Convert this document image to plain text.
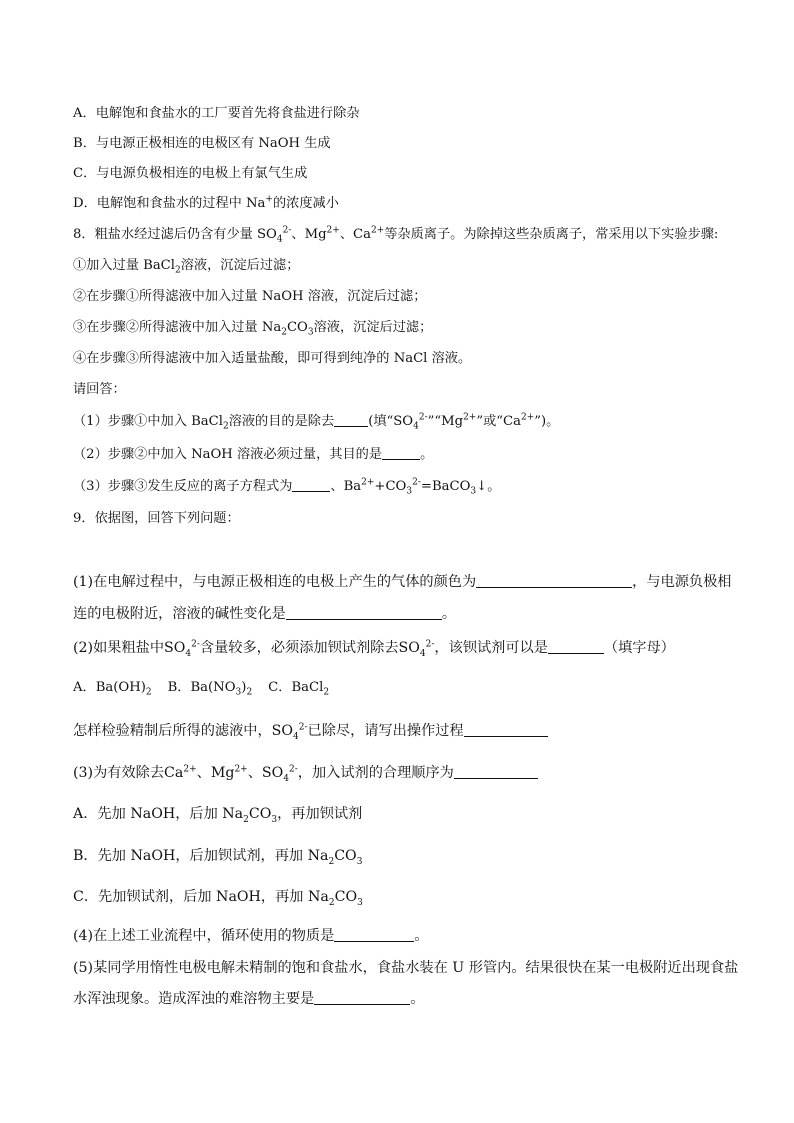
A．电解饱和食盐水的工厂要首先将食盐进行除杂
B．与电源正极相连的电极区有 NaOH 生成
C．与电源负极相连的电极上有氯气生成
D．电解饱和食盐水的过程中 Na+的浓度减小
8．粗盐水经过滤后仍含有少量 $SO_4^{2-}$、$Mg^{2+}$、$Ca^{2+}$等杂质离子。为除掉这些杂质离子，常采用以下实验步骤:
①加入过量 BaCl$_2$溶液，沉淀后过滤；
②在步骤①所得滤液中加入过量 NaOH 溶液，沉淀后过滤；
③在步骤②所得滤液中加入过量 $Na_2CO_3$溶液，沉淀后过滤；
④在步骤③所得滤液中加入适量盐酸，即可得到纯净的 NaCl 溶液。
请回答：
（1）步骤①中加入 BaCl$_2$溶液的目的是除去	(填“$SO_4^{2-}”“Mg^{2+}$”或“$Ca^{2+}$”)。
（2）步骤②中加入 NaOH 溶液必须过量，其目的是	。
（3）步骤③发生反应的离子方程式为	、$Ba^{2+}+CO_3^{2-}=BaCO_3↓$。
9．依据图，回答下列问题：
(1)在电解过程中，与电源正极相连的电极上产生的气体的颜色为	，与电源负极相
连的电极附近，溶液的碱性变化是	。
(2)如果粗盐中$SO_4^{2-}$含量较多，必须添加钡试剂除去$SO_4^{2-}$，该钡试剂可以是	（填字母）
A．$Ba(OH)_2$ B．$Ba(NO_3)_2$ C．BaCl$_2$
怎样检验精制后所得的滤液中，$SO_4^{2-}$已除尽，请写出操作过程
(3)为有效除去$Ca^{2+}$、$Mg^{2+}$、$SO_4^{2-}$，加入试剂的合理顺序为
A．先加 NaOH，后加 $Na_2CO_3$，再加钡试剂
B．先加 NaOH，后加钡试剂，再加 $Na_2CO_3$
C．先加钡试剂，后加 NaOH，再加 $Na_2CO_3$
(4)在上述工业流程中，循环使用的物质是	。
(5)某同学用惰性电极电解未精制的饱和食盐水，食盐水装在 U 形管内。结果很快在某一电极附近出现食盐
水浑浊现象。造成浑浊的难溶物主要是	。
